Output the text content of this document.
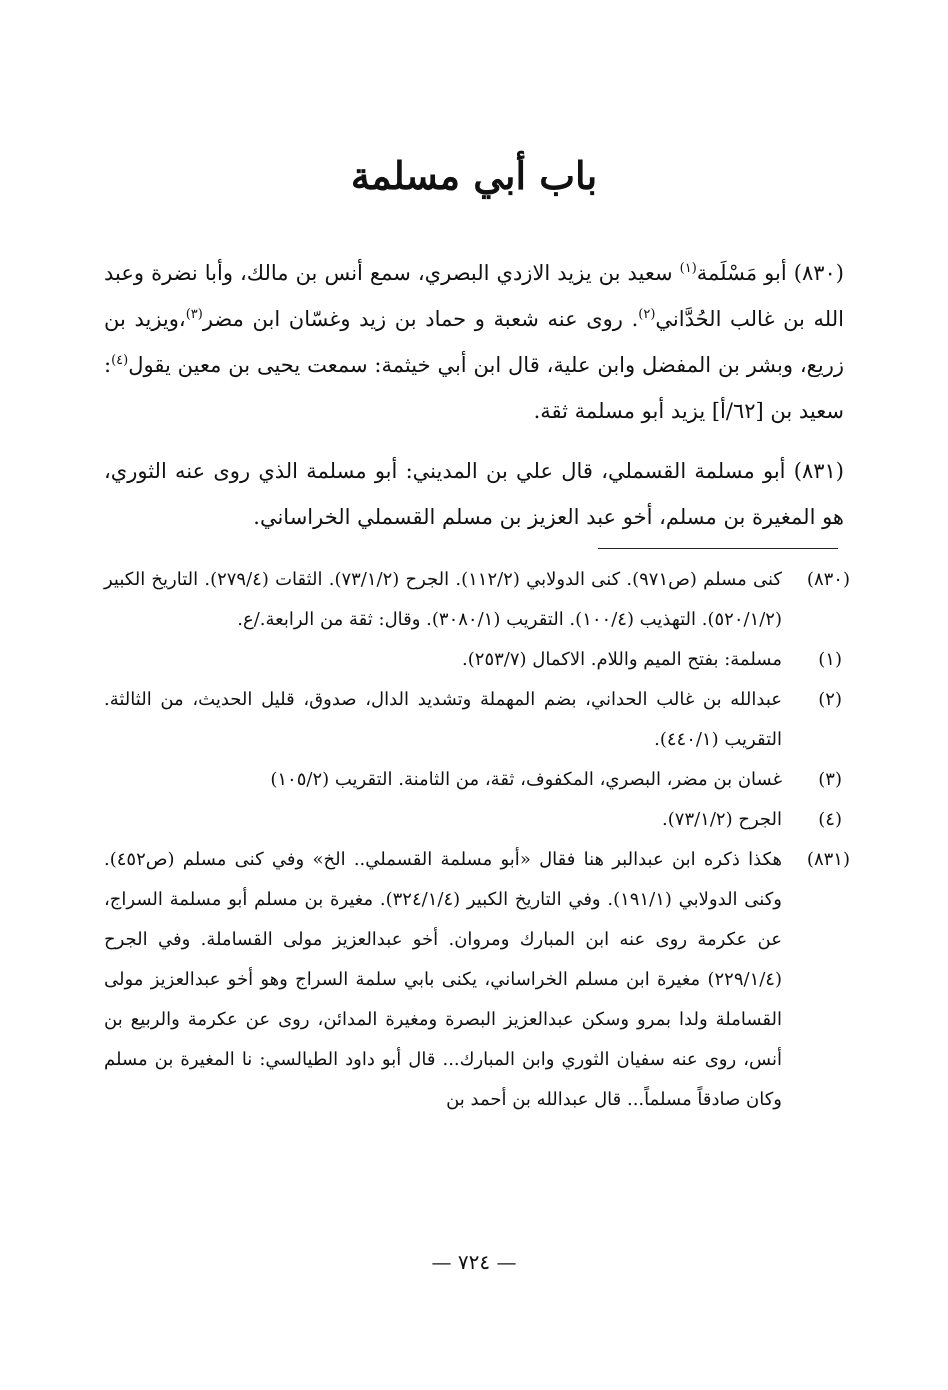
باب أبي مسلمة

(٨٣٠) أبو مَسْلَمة$^{(١)}$ سعيد بن يزيد الازدي البصري، سمع أنس بن مالك، وأبا نضرة وعبد الله بن غالب الحُدَّاني$^{(٢)}$. روى عنه شعبة و حماد بن زيد وغسّان ابن مضر$^{(٣)}$،ويزيد بن زريع، وبشر بن المفضل وابن علية، قال ابن أبي خيثمة: سمعت يحيى بن معين يقول$^{(٤)}$: سعيد بن [٦٢/أ] يزيد أبو مسلمة ثقة.

(٨٣١) أبو مسلمة القسملي، قال علي بن المديني: أبو مسلمة الذي روى عنه الثوري، هو المغيرة بن مسلم، أخو عبد العزيز بن مسلم القسملي الخراساني.

(٨٣٠)
كنى مسلم (ص٩٧١). كنى الدولابي (١١٢/٢). الجرح (٧٣/١/٢). الثقات (٢٧٩/٤). التاريخ الكبير (٥٢٠/١/٢). التهذيب (١٠٠/٤). التقريب (٣٠٨٠/١). وقال: ثقة من الرابعة./ع.
(١)
مسلمة: بفتح الميم واللام. الاكمال (٢٥٣/٧).
(٢)
عبدالله بن غالب الحداني، بضم المهملة وتشديد الدال، صدوق، قليل الحديث، من الثالثة. التقريب (٤٤٠/١).
(٣)
غسان بن مضر، البصري، المكفوف، ثقة، من الثامنة. التقريب (١٠٥/٢)
(٤)
الجرح (٧٣/١/٢).
(٨٣١)
هكذا ذكره ابن عبدالبر هنا فقال «أبو مسلمة القسملي.. الخ» وفي كنى مسلم (ص٤٥٢). وكنى الدولابي (١٩١/١). وفي التاريخ الكبير (٣٢٤/١/٤). مغيرة بن مسلم أبو مسلمة السراج، عن عكرمة روى عنه ابن المبارك ومروان. أخو عبدالعزيز مولى القساملة. وفي الجرح (٢٢٩/١/٤) مغيرة ابن مسلم الخراساني، يكنى بابي سلمة السراج وهو أخو عبدالعزيز مولى القساملة ولدا بمرو وسكن عبدالعزيز البصرة ومغيرة المدائن، روى عن عكرمة والربيع بن أنس، روى عنه سفيان الثوري وابن المبارك... قال أبو داود الطيالسي: نا المغيرة بن مسلم وكان صادقاً مسلماً... قال عبدالله بن أحمد بن
— ٧٢٤ —
